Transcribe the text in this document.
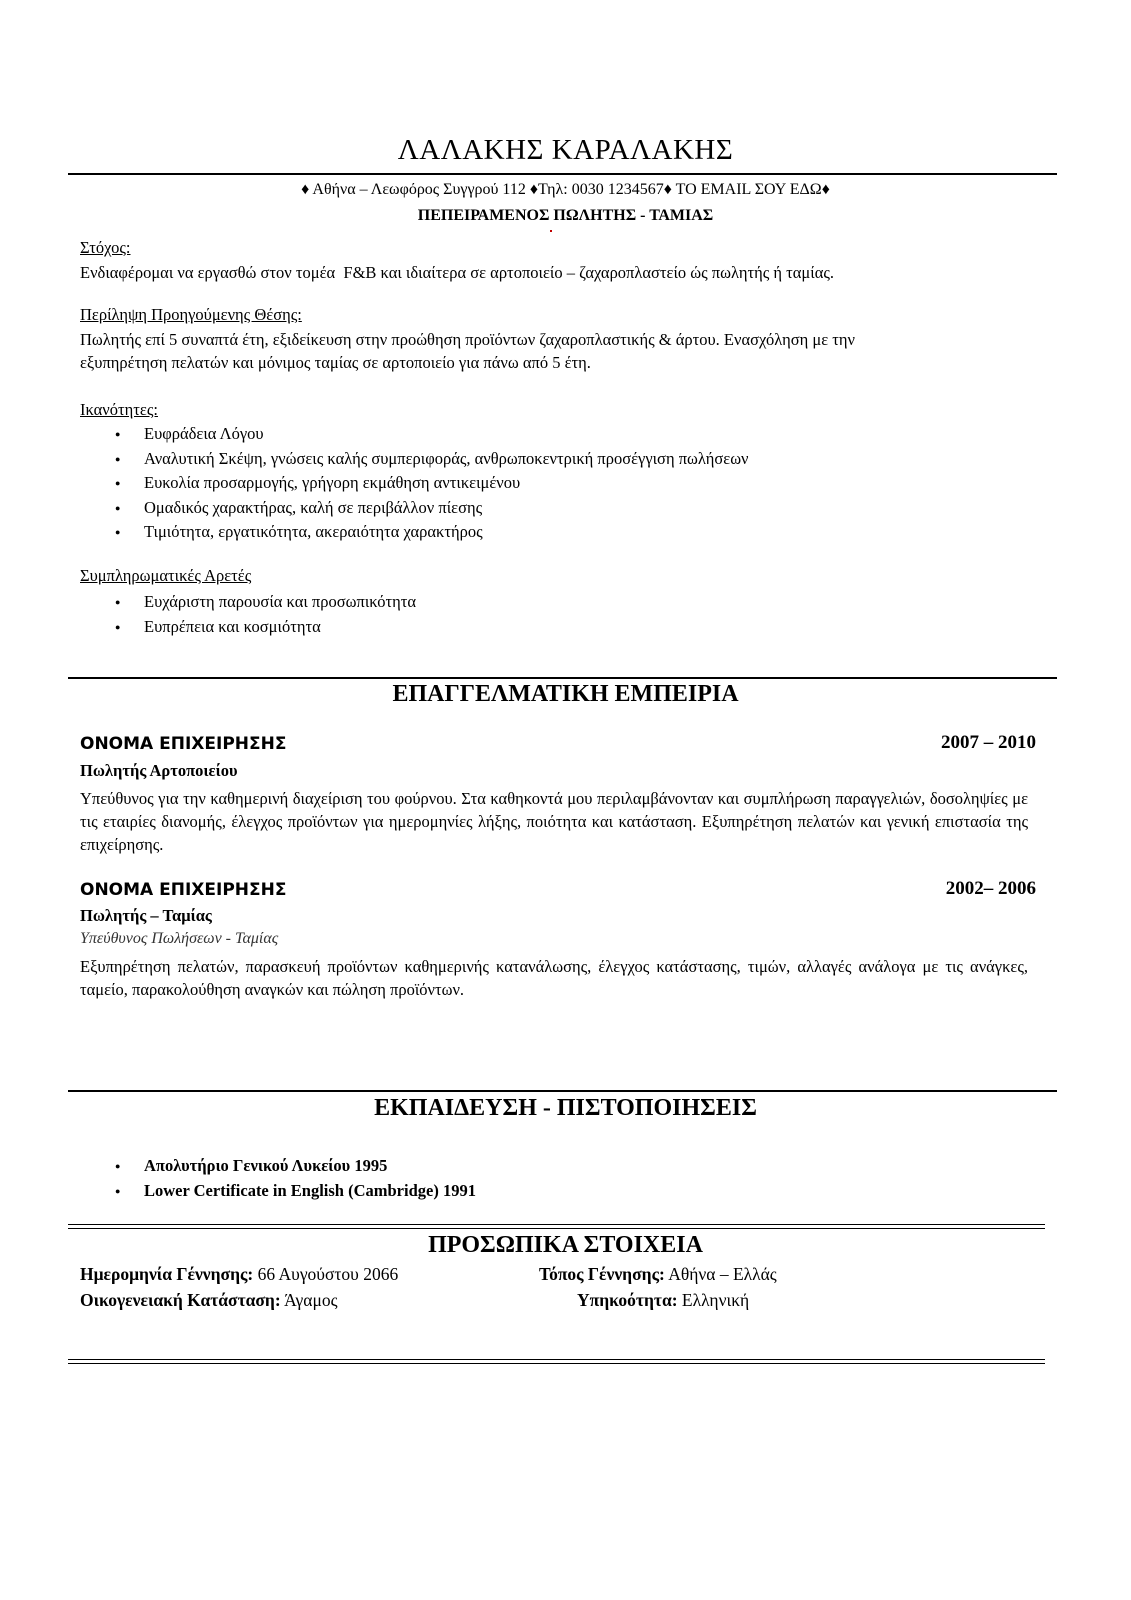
ΛΑΛΑΚΗΣ ΚΑΡΑΛΑΚΗΣ
♦ Αθήνα – Λεωφόρος Συγγρού 112 ♦Τηλ: 0030 1234567♦ ΤΟ EMAIL ΣΟΥ ΕΔΩ♦
ΠΕΠΕΙΡΑΜΕΝΟΣ ΠΩΛΗΤΗΣ - ΤΑΜΙΑΣ
Στόχος:
Ενδιαφέρομαι να εργασθώ στον τομέα  F&B και ιδιαίτερα σε αρτοποιείο – ζαχαροπλαστείο ώς πωλητής ή ταμίας.
Περίληψη Προηγούμενης Θέσης:
Πωλητής επί 5 συναπτά έτη, εξιδείκευση στην προώθηση προϊόντων ζαχαροπλαστικής & άρτου. Ενασχόληση με την
εξυπηρέτηση πελατών και μόνιμος ταμίας σε αρτοποιείο για πάνω από 5 έτη.
Ικανότητες:
● Ευφράδεια Λόγου
● Αναλυτική Σκέψη, γνώσεις καλής συμπεριφοράς, ανθρωποκεντρική προσέγγιση πωλήσεων
● Ευκολία προσαρμογής, γρήγορη εκμάθηση αντικειμένου
● Ομαδικός χαρακτήρας, καλή σε περιβάλλον πίεσης
● Τιμιότητα, εργατικότητα, ακεραιότητα χαρακτήρος
Συμπληρωματικές Αρετές
● Ευχάριστη παρουσία και προσωπικότητα
● Ευπρέπεια και κοσμιότητα
ΕΠΑΓΓΕΛΜΑΤΙΚΗ ΕΜΠΕΙΡΙΑ
ΟΝΟΜΑ ΕΠΙΧΕΙΡΗΣΗΣ	2007 – 2010
Πωλητής Αρτοποιείου
Υπεύθυνος για την καθημερινή διαχείριση του φούρνου. Στα καθηκοντά μου περιλαμβάνονταν και συμπλήρωση παραγγελιών, δοσοληψίες με τις εταιρίες διανομής, έλεγχος προϊόντων για ημερομηνίες λήξης, ποιότητα και κατάσταση. Εξυπηρέτηση πελατών και γενική επιστασία της επιχείρησης.
ΟΝΟΜΑ ΕΠΙΧΕΙΡΗΣΗΣ	2002– 2006
Πωλητής – Ταμίας
Υπεύθυνος Πωλήσεων - Ταμίας
Εξυπηρέτηση πελατών, παρασκευή προϊόντων καθημερινής κατανάλωσης, έλεγχος κατάστασης, τιμών, αλλαγές ανάλογα με τις ανάγκες, ταμείο, παρακολούθηση αναγκών και πώληση προϊόντων.
ΕΚΠΑΙΔΕΥΣΗ - ΠΙΣΤΟΠΟΙΗΣΕΙΣ
● Απολυτήριο Γενικού Λυκείου 1995
● Lower Certificate in English (Cambridge) 1991
ΠΡΟΣΩΠΙΚΑ ΣΤΟΙΧΕΙΑ
Ημερομηνία Γέννησης: 66 Αυγούστου 2066	Τόπος Γέννησης: Αθήνα – Ελλάς
Οικογενειακή Κατάσταση: Άγαμος	Υπηκοότητα: Ελληνική
